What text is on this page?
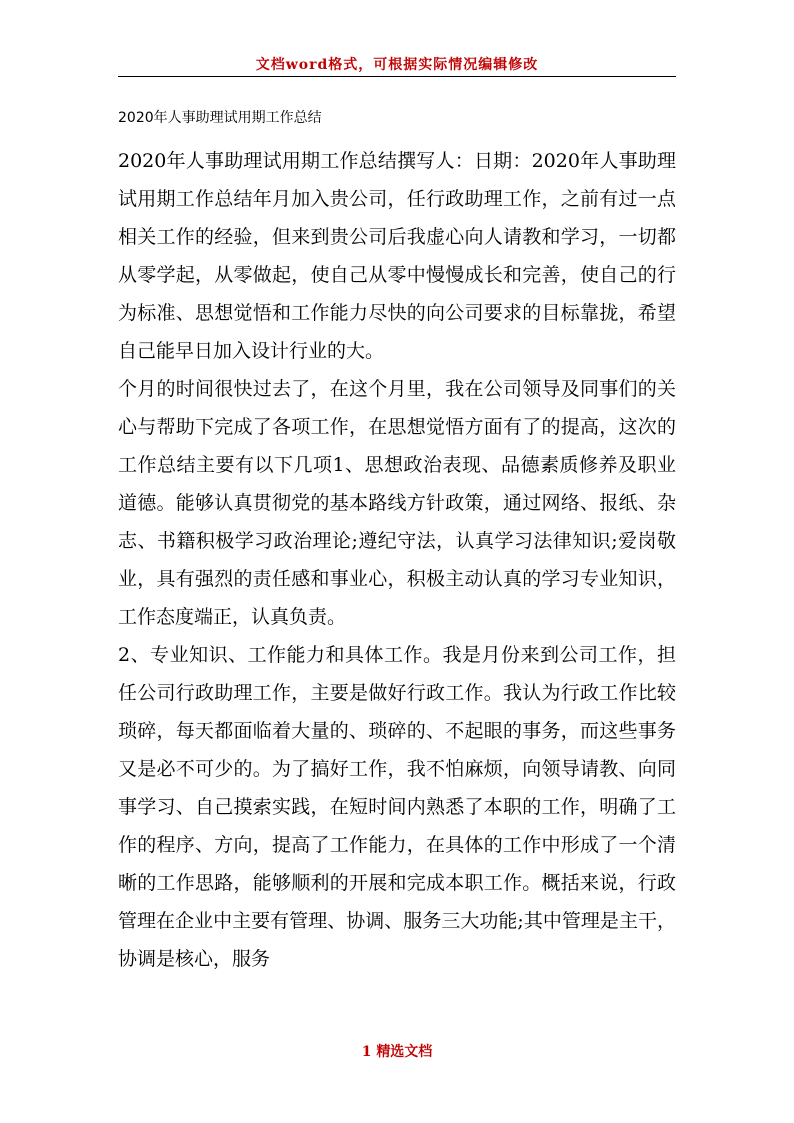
文档word格式，可根据实际情况编辑修改
2020年人事助理试用期工作总结

2020年人事助理试用期工作总结撰写人：日期：2020年人事助理试用期工作总结年月加入贵公司，任行政助理工作，之前有过一点相关工作的经验，但来到贵公司后我虚心向人请教和学习，一切都从零学起，从零做起，使自己从零中慢慢成长和完善，使自己的行为标准、思想觉悟和工作能力尽快的向公司要求的目标靠拢，希望自己能早日加入设计行业的大。

个月的时间很快过去了，在这个月里，我在公司领导及同事们的关心与帮助下完成了各项工作，在思想觉悟方面有了的提高，这次的工作总结主要有以下几项1、思想政治表现、品德素质修养及职业道德。能够认真贯彻党的基本路线方针政策，通过网络、报纸、杂志、书籍积极学习政治理论;遵纪守法，认真学习法律知识;爱岗敬业，具有强烈的责任感和事业心，积极主动认真的学习专业知识，工作态度端正，认真负责。

2、专业知识、工作能力和具体工作。我是月份来到公司工作，担任公司行政助理工作，主要是做好行政工作。我认为行政工作比较琐碎，每天都面临着大量的、琐碎的、不起眼的事务，而这些事务又是必不可少的。为了搞好工作，我不怕麻烦，向领导请教、向同事学习、自己摸索实践，在短时间内熟悉了本职的工作，明确了工作的程序、方向，提高了工作能力，在具体的工作中形成了一个清晰的工作思路，能够顺利的开展和完成本职工作。概括来说，行政管理在企业中主要有管理、协调、服务三大功能;其中管理是主干，协调是核心，服务

1 精选文档
